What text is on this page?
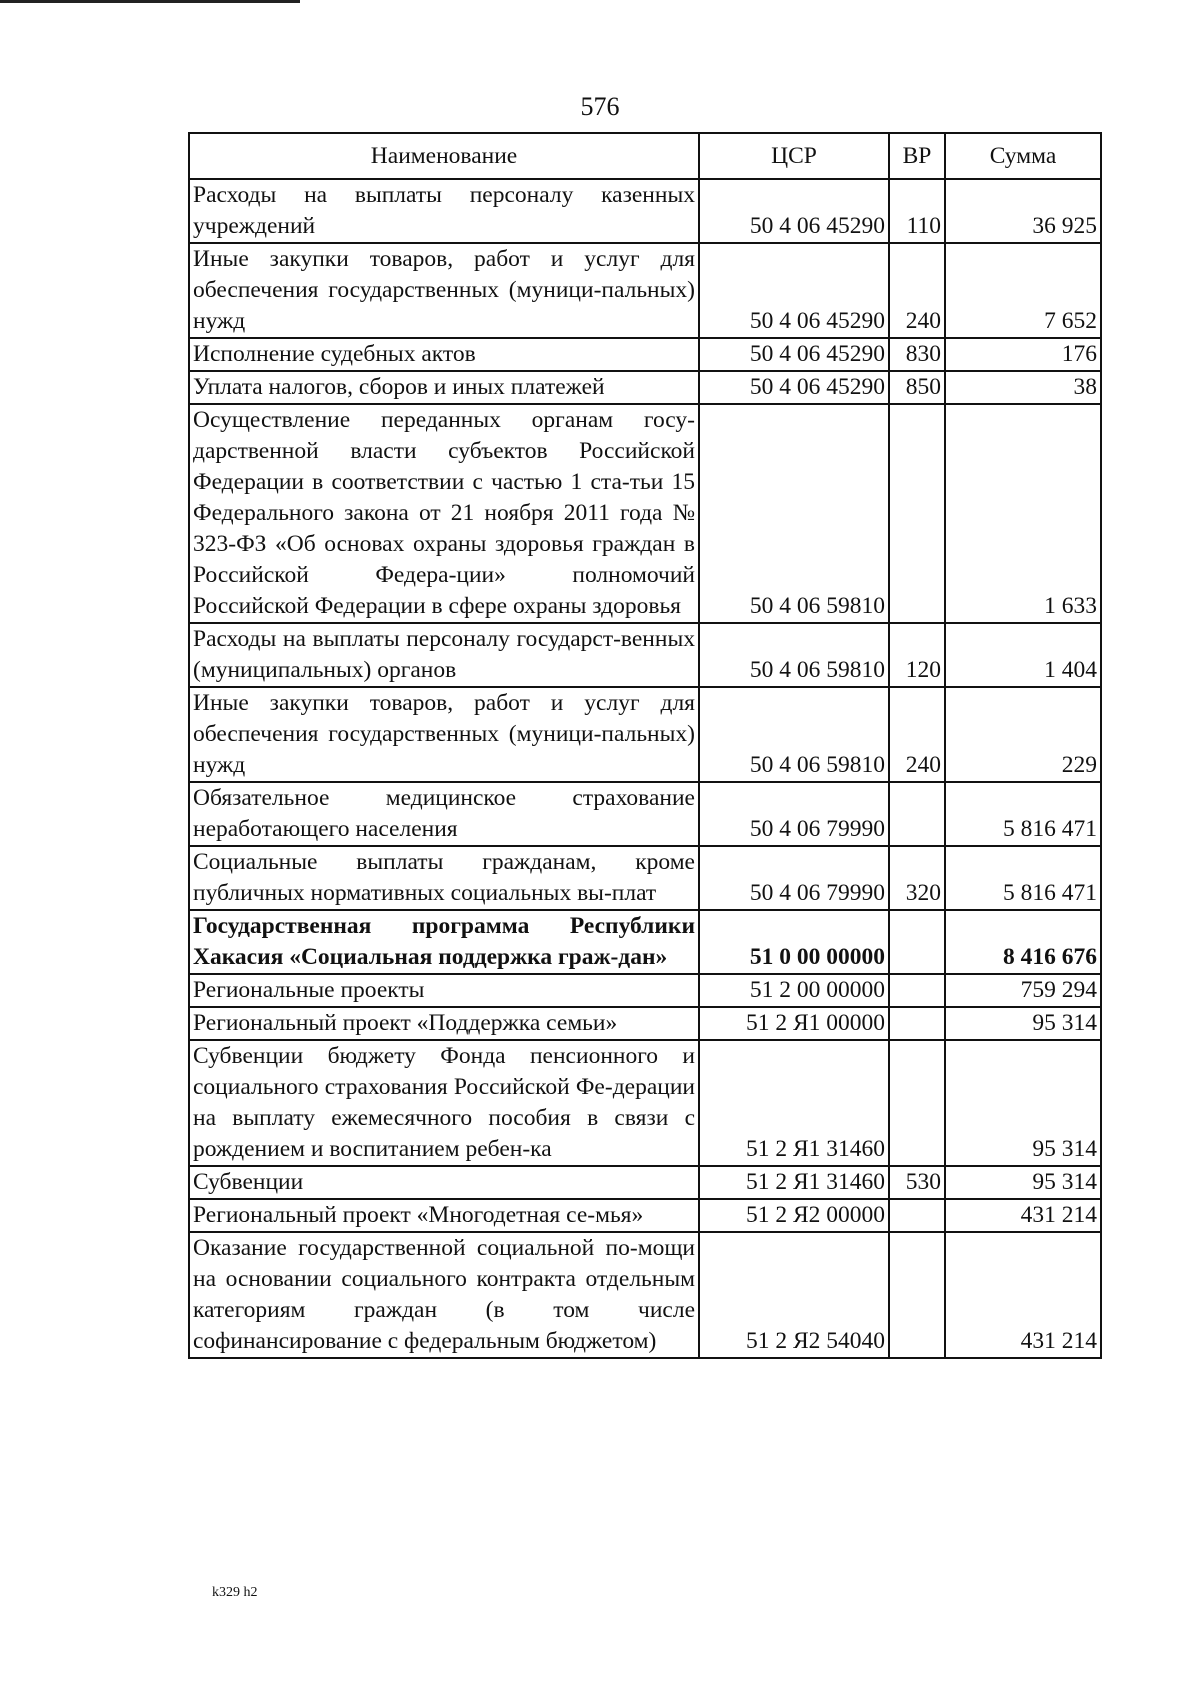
576
Наименование	ЦСР	ВР	Сумма
Расходы на выплаты персоналу казенных учреждений	50 4 06 45290	110	36 925
Иные закупки товаров, работ и услуг для обеспечения государственных (муници-пальных) нужд	50 4 06 45290	240	7 652
Исполнение судебных актов	50 4 06 45290	830	176
Уплата налогов, сборов и иных платежей	50 4 06 45290	850	38
Осуществление переданных органам госу-дарственной власти субъектов Российской Федерации в соответствии с частью 1 ста-тьи 15 Федерального закона от 21 ноября 2011 года № 323-ФЗ «Об основах охраны здоровья граждан в Российской Федера-ции» полномочий Российской Федерации в сфере охраны здоровья	50 4 06 59810		1 633
Расходы на выплаты персоналу государст-венных (муниципальных) органов	50 4 06 59810	120	1 404
Иные закупки товаров, работ и услуг для обеспечения государственных (муници-пальных) нужд	50 4 06 59810	240	229
Обязательное медицинское страхование неработающего населения	50 4 06 79990		5 816 471
Социальные выплаты гражданам, кроме публичных нормативных социальных вы-плат	50 4 06 79990	320	5 816 471
Государственная программа Республики Хакасия «Социальная поддержка граж-дан»	51 0 00 00000		8 416 676
Региональные проекты	51 2 00 00000		759 294
Региональный проект «Поддержка семьи»	51 2 Я1 00000		95 314
Субвенции бюджету Фонда пенсионного и социального страхования Российской Фе-дерации на выплату ежемесячного пособия в связи с рождением и воспитанием ребен-ка	51 2 Я1 31460		95 314
Субвенции	51 2 Я1 31460	530	95 314
Региональный проект «Многодетная се-мья»	51 2 Я2 00000		431 214
Оказание государственной социальной по-мощи на основании социального контракта отдельным категориям граждан (в том числе софинансирование с федеральным бюджетом)	51 2 Я2 54040		431 214
k329 h2
